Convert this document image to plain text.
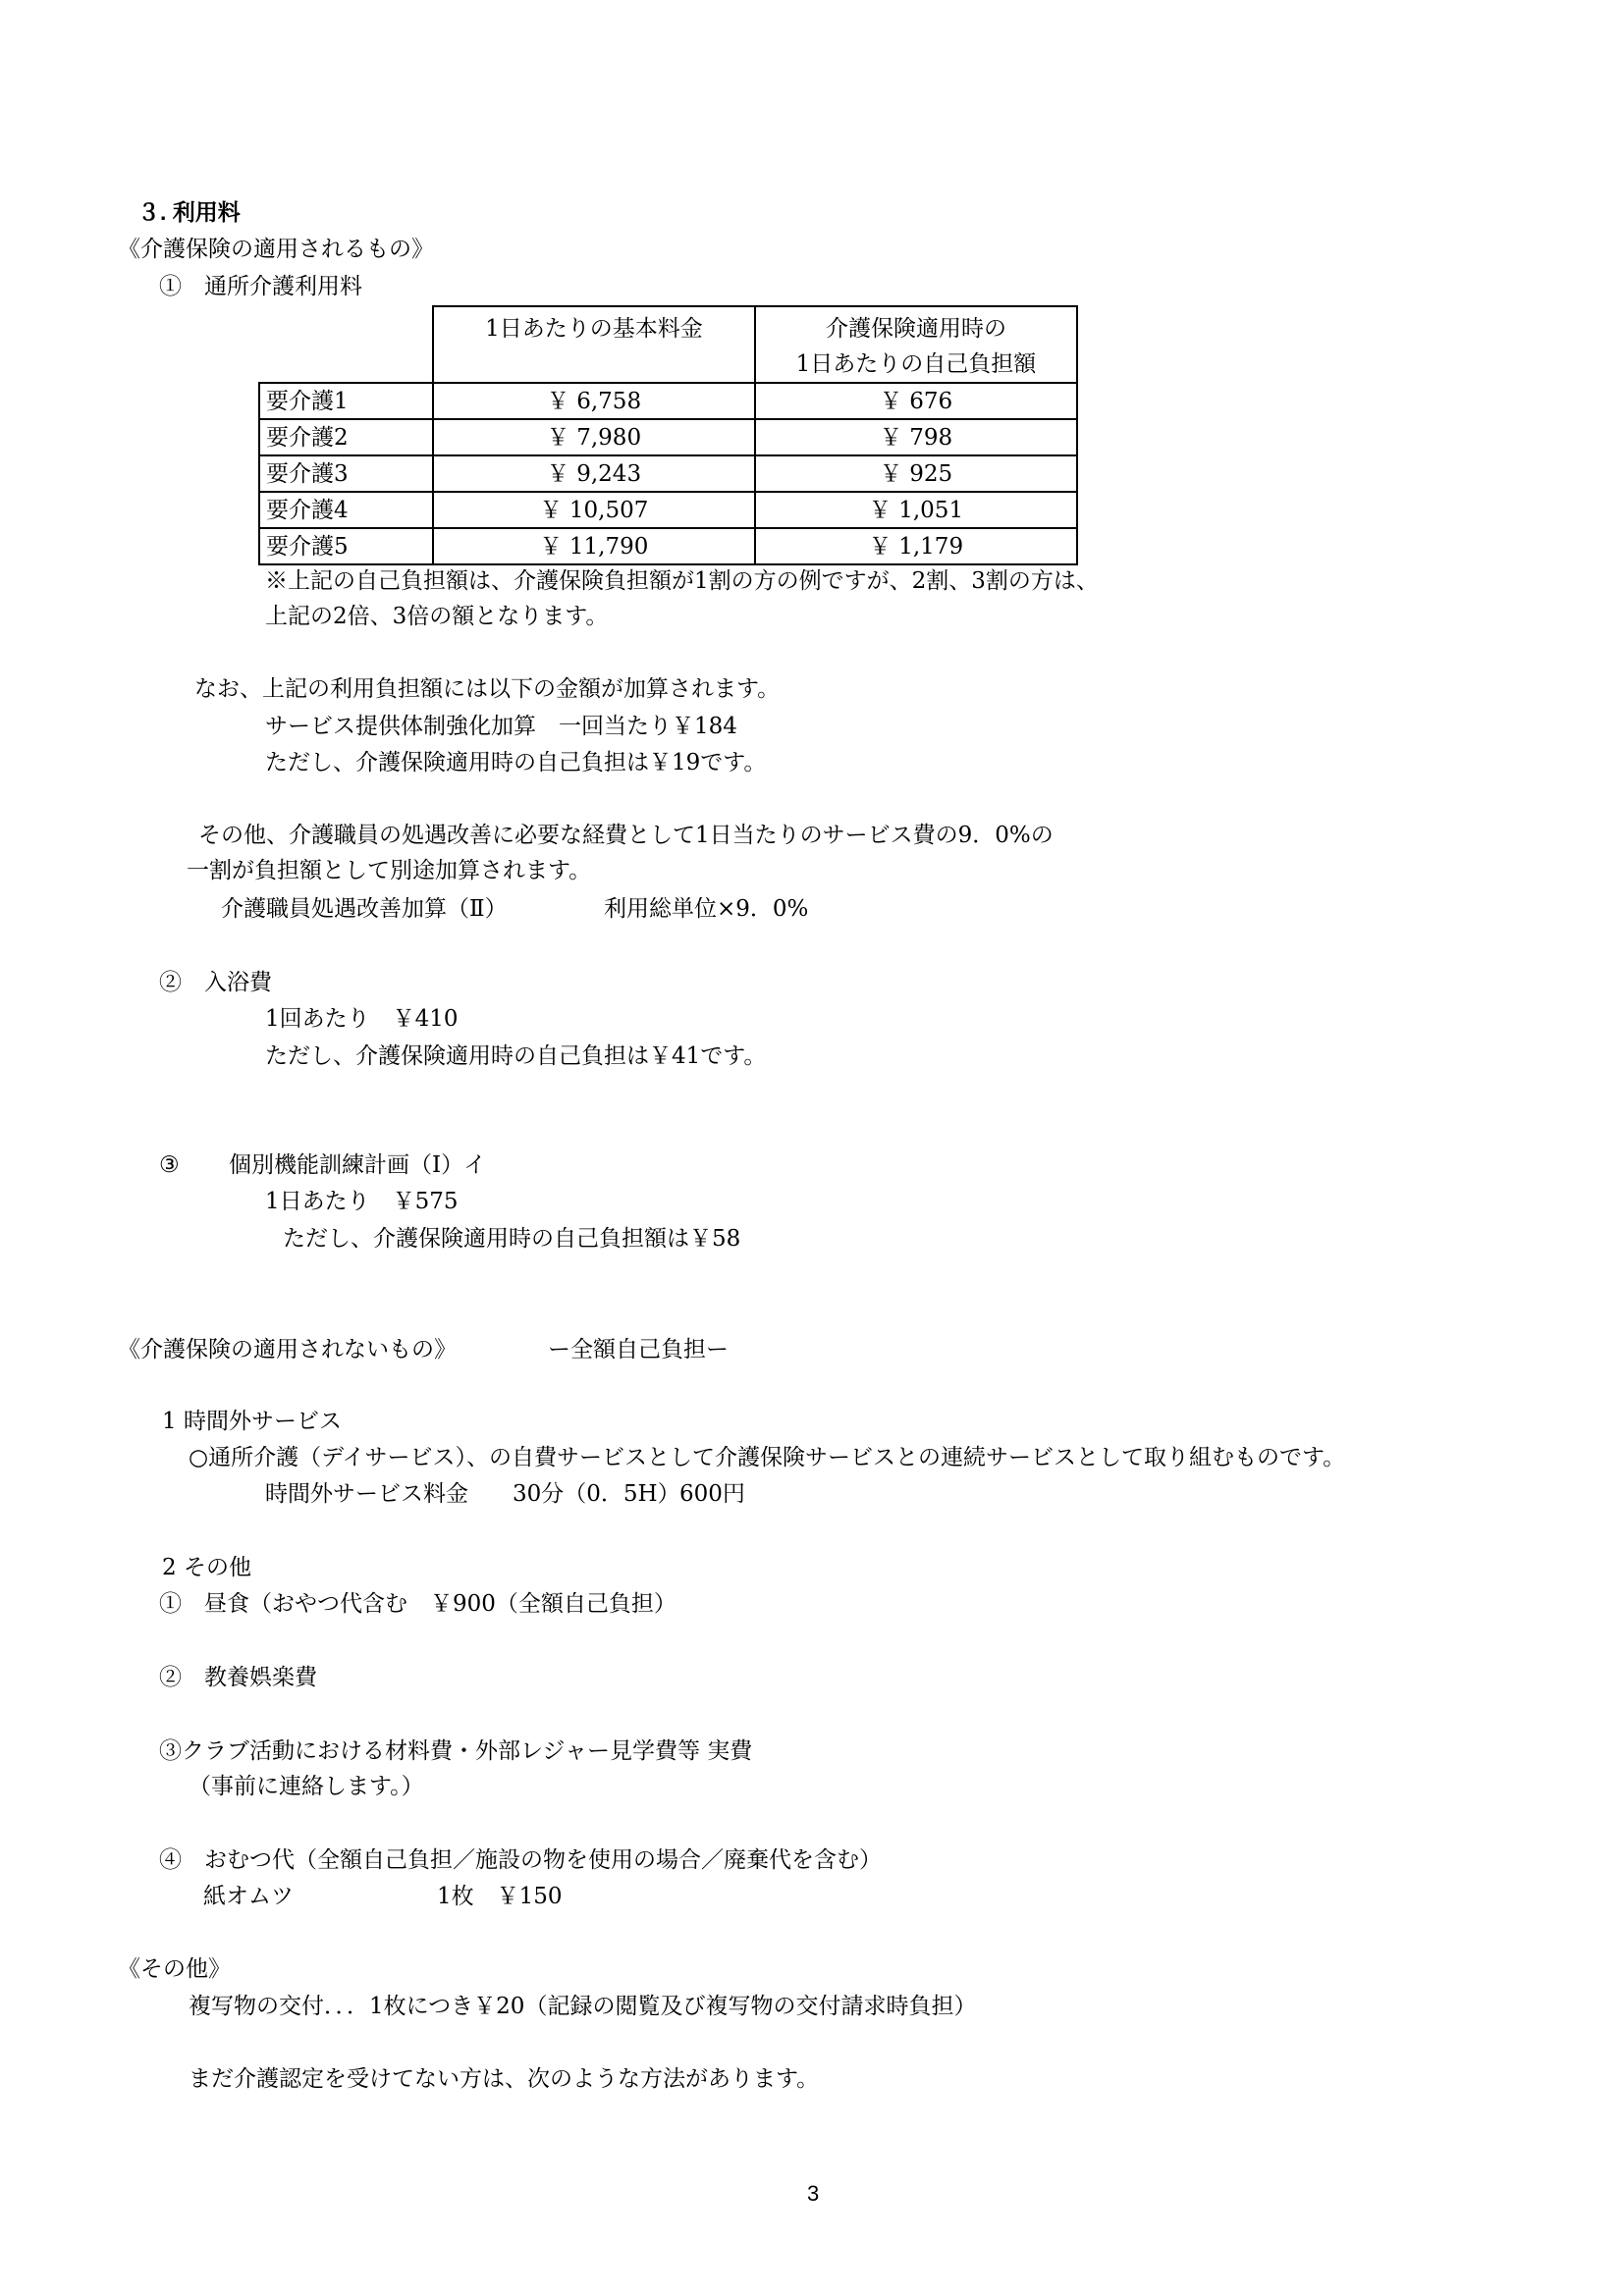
３. 利用料
《介護保険の適用されるもの》
①　通所介護利用料
	1日あたりの基本料金	介護保険適用時の
1日あたりの自己負担額
要介護1	￥ 6,758	￥ 676
要介護2	￥ 7,980	￥ 798
要介護3	￥ 9,243	￥ 925
要介護4	￥ 10,507	￥ 1,051
要介護5	￥ 11,790	￥ 1,179
※上記の自己負担額は、介護保険負担額が1割の方の例ですが、2割、3割の方は、
上記の2倍、3倍の額となります。
なお、上記の利用負担額には以下の金額が加算されます。
サービス提供体制強化加算　一回当たり￥184
ただし、介護保険適用時の自己負担は￥19です。
その他、介護職員の処遇改善に必要な経費として1日当たりのサービス費の9．0%の
一割が負担額として別途加算されます。
介護職員処遇改善加算（Ⅱ）	利用総単位×9．0%
②　入浴費
1回あたり　￥410
ただし、介護保険適用時の自己負担は￥41です。
③ 個別機能訓練計画（Ⅰ）イ
1日あたり　￥575
ただし、介護保険適用時の自己負担額は￥58
《介護保険の適用されないもの》	ー全額自己負担ー
1 時間外サービス
○通所介護（デイサービス）、の自費サービスとして介護保険サービスとの連続サービスとして取り組むものです。
時間外サービス料金 30分（0．5H） 600円
2 その他
①　昼食（おやつ代含む　￥900（全額自己負担）
②　教養娯楽費
③クラブ活動における材料費・外部レジャー見学費等 実費
（事前に連絡します。）
④　おむつ代（全額自己負担／施設の物を使用の場合／廃棄代を含む）
紙オムツ	1枚　￥150
《その他》
複写物の交付．．．1枚につき￥20（記録の閲覧及び複写物の交付請求時負担）
まだ介護認定を受けてない方は、次のような方法があります。
3
